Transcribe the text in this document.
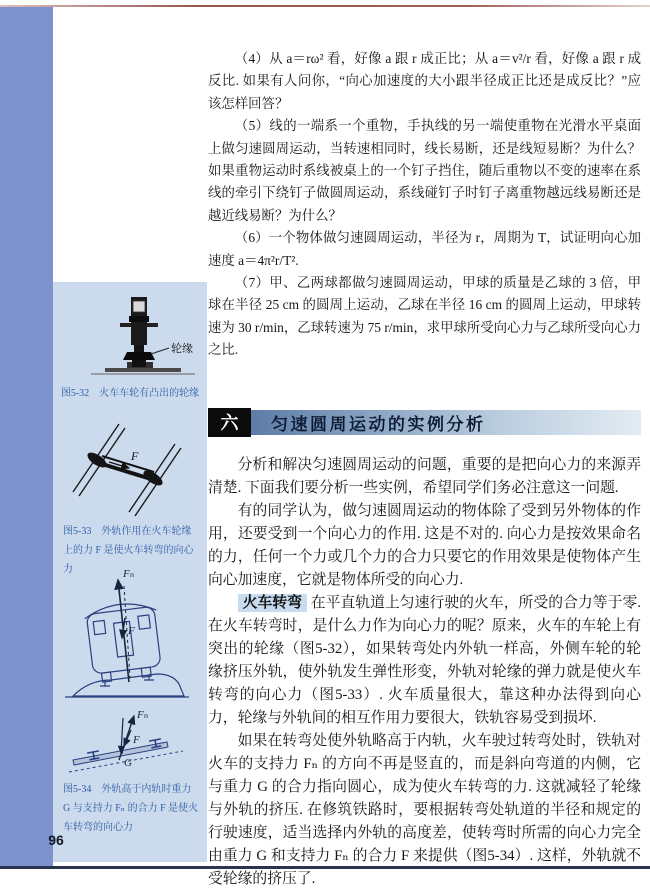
轮缘
图5-32　火车车轮有凸出的轮缘
F
图5-33　外轨作用在火车轮缘上的力 F 是使火车转弯的向心力	Fₙ
F
Fₙ
F
G
图5-34　外轨高于内轨时重力 G 与支持力 Fₙ 的合力 F 是使火车转弯的向心力
96

（4）从 a＝rω² 看，好像 a 跟 r 成正比；从 a＝v²/r 看，好像 a 跟 r 成反比. 如果有人问你，“向心加速度的大小跟半径成正比还是成反比？”应该怎样回答？

（5）线的一端系一个重物，手执线的另一端使重物在光滑水平桌面上做匀速圆周运动，当转速相同时，线长易断，还是线短易断？为什么？如果重物运动时系线被桌上的一个钉子挡住，随后重物以不变的速率在系线的牵引下绕钉子做圆周运动，系线碰钉子时钉子离重物越远线易断还是越近线易断？为什么？

（6）一个物体做匀速圆周运动，半径为 r，周期为 T，试证明向心加速度 a＝4π²r/T².

（7）甲、乙两球都做匀速圆周运动，甲球的质量是乙球的 3 倍，甲球在半径 25 cm 的圆周上运动，乙球在半径 16 cm 的圆周上运动，甲球转速为 30 r/min，乙球转速为 75 r/min，求甲球所受向心力与乙球所受向心力之比.

六	匀速圆周运动的实例分析

分析和解决匀速圆周运动的问题，重要的是把向心力的来源弄清楚. 下面我们要分析一些实例，希望同学们务必注意这一问题.

有的同学认为，做匀速圆周运动的物体除了受到另外物体的作用，还要受到一个向心力的作用. 这是不对的. 向心力是按效果命名的力，任何一个力或几个力的合力只要它的作用效果是使物体产生向心加速度，它就是物体所受的向心力.

火车转弯 在平直轨道上匀速行驶的火车，所受的合力等于零. 在火车转弯时，是什么力作为向心力的呢？原来，火车的车轮上有突出的轮缘（图5-32），如果转弯处内外轨一样高，外侧车轮的轮缘挤压外轨，使外轨发生弹性形变，外轨对轮缘的弹力就是使火车转弯的向心力（图5-33）. 火车质量很大，靠这种办法得到向心力，轮缘与外轨间的相互作用力要很大，铁轨容易受到损坏.

如果在转弯处使外轨略高于内轨，火车驶过转弯处时，铁轨对火车的支持力 Fₙ 的方向不再是竖直的，而是斜向弯道的内侧，它与重力 G 的合力指向圆心，成为使火车转弯的力. 这就减轻了轮缘与外轨的挤压. 在修筑铁路时，要根据转弯处轨道的半径和规定的行驶速度，适当选择内外轨的高度差，使转弯时所需的向心力完全由重力 G 和支持力 Fₙ 的合力 F 来提供（图5-34）. 这样，外轨就不受轮缘的挤压了.
